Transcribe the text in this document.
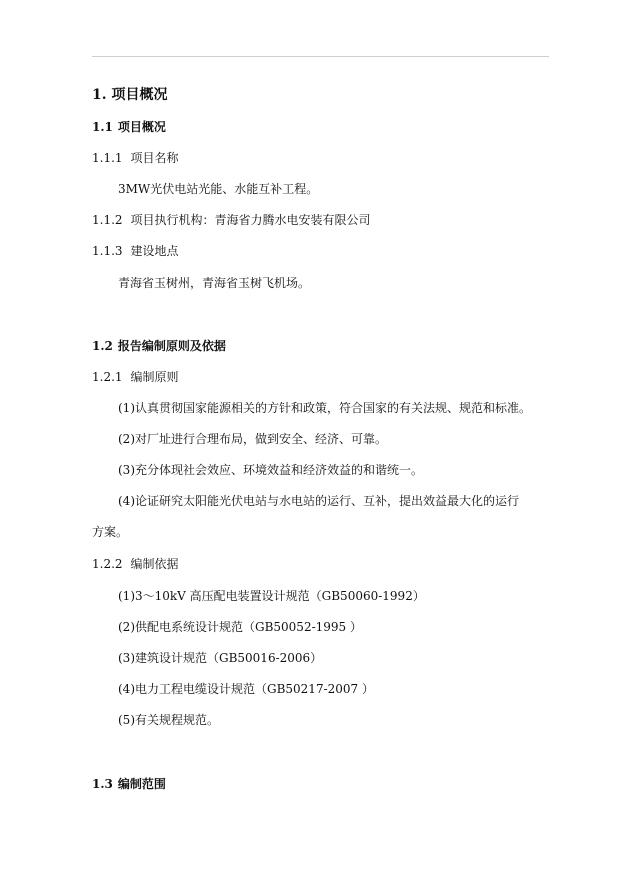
1. 项目概况
1.1 项目概况
1.1.1 项目名称
3MW光伏电站光能、水能互补工程。
1.1.2 项目执行机构：青海省力腾水电安装有限公司
1.1.3 建设地点
青海省玉树州，青海省玉树飞机场。
1.2 报告编制原则及依据
1.2.1 编制原则
(1)认真贯彻国家能源相关的方针和政策，符合国家的有关法规、规范和标准。
(2)对厂址进行合理布局，做到安全、经济、可靠。
(3)充分体现社会效应、环境效益和经济效益的和谐统一。
(4)论证研究太阳能光伏电站与水电站的运行、互补，提出效益最大化的运行方案。
1.2.2 编制依据
(1)3～10kV 高压配电装置设计规范（GB50060-1992）
(2)供配电系统设计规范（GB50052-1995 ）
(3)建筑设计规范（GB50016-2006）
(4)电力工程电缆设计规范（GB50217-2007 ）
(5)有关规程规范。
1.3 编制范围
